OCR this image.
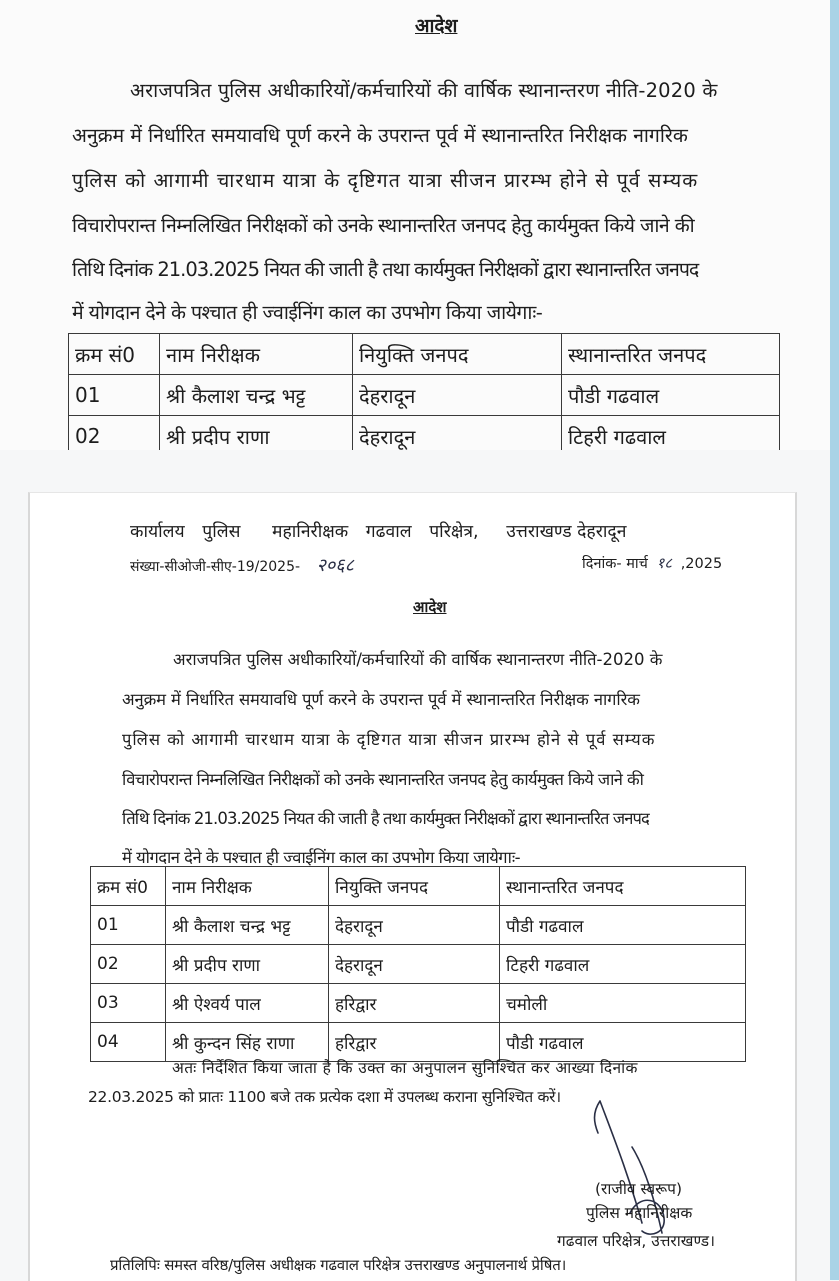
आदेश
अराजपत्रित पुलिस अधीकारियों/कर्मचारियों की वार्षिक स्थानान्तरण नीति-2020 के
अनुक्रम में निर्धारित समयावधि पूर्ण करने के उपरान्त पूर्व में स्थानान्तरित निरीक्षक नागरिक
पुलिस को आगामी चारधाम यात्रा के दृष्टिगत यात्रा सीजन प्रारम्भ होने से पूर्व सम्यक
विचारोपरान्त निम्नलिखित निरीक्षकों को उनके स्थानान्तरित जनपद हेतु कार्यमुक्त किये जाने की
तिथि दिनांक 21.03.2025 नियत की जाती है तथा कार्यमुक्त निरीक्षकों द्वारा स्थानान्तरित जनपद
में योगदान देने के पश्चात ही ज्वाईनिंग काल का उपभोग किया जायेगाः-
क्रम सं0	नाम निरीक्षक	नियुक्ति जनपद	स्थानान्तरित जनपद
01	श्री कैलाश चन्द्र भट्ट	देहरादून	पौडी गढवाल
02	श्री प्रदीप राणा	देहरादून	टिहरी गढवाल
कार्यालय पुलिस महानिरीक्षक गढवाल परिक्षेत्र, उत्तराखण्ड देहरादून
संख्या-सीओजी-सीए-19/2025- २०६८	दिनांक- मार्च १८ ,2025
आदेश
अराजपत्रित पुलिस अधीकारियों/कर्मचारियों की वार्षिक स्थानान्तरण नीति-2020 के
अनुक्रम में निर्धारित समयावधि पूर्ण करने के उपरान्त पूर्व में स्थानान्तरित निरीक्षक नागरिक
पुलिस को आगामी चारधाम यात्रा के दृष्टिगत यात्रा सीजन प्रारम्भ होने से पूर्व सम्यक
विचारोपरान्त निम्नलिखित निरीक्षकों को उनके स्थानान्तरित जनपद हेतु कार्यमुक्त किये जाने की
तिथि दिनांक 21.03.2025 नियत की जाती है तथा कार्यमुक्त निरीक्षकों द्वारा स्थानान्तरित जनपद
में योगदान देने के पश्चात ही ज्वाईनिंग काल का उपभोग किया जायेगाः-
क्रम सं0	नाम निरीक्षक	नियुक्ति जनपद	स्थानान्तरित जनपद
01	श्री कैलाश चन्द्र भट्ट	देहरादून	पौडी गढवाल
02	श्री प्रदीप राणा	देहरादून	टिहरी गढवाल
03	श्री ऐश्वर्य पाल	हरिद्वार	चमोली
04	श्री कुन्दन सिंह राणा	हरिद्वार	पौडी गढवाल
अतः निर्देशित किया जाता है कि उक्त का अनुपालन सुनिश्चित कर आख्या दिनांक
22.03.2025 को प्रातः 1100 बजे तक प्रत्येक दशा में उपलब्ध कराना सुनिश्चित करें।
(राजीव स्वरूप)
पुलिस महानिरीक्षक
गढवाल परिक्षेत्र, उत्तराखण्ड।
प्रतिलिपिः समस्त वरिष्ठ/पुलिस अधीक्षक गढवाल परिक्षेत्र उत्तराखण्ड अनुपालनार्थ प्रेषित।
